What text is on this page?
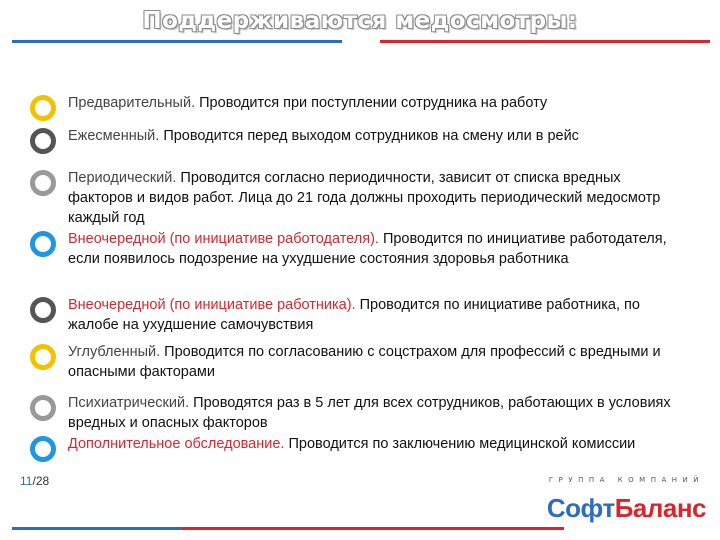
Поддерживаются медосмотры:
Предварительный. Проводится при поступлении сотрудника на работу
Ежесменный. Проводится перед выходом сотрудников на смену или в рейс
Периодический. Проводится согласно периодичности, зависит от списка вредных факторов и видов работ. Лица до 21 года должны проходить периодический медосмотр каждый год
Внеочередной (по инициативе работодателя). Проводится по инициативе работодателя, если появилось подозрение на ухудшение состояния здоровья работника
Внеочередной (по инициативе работника). Проводится по инициативе работника, по жалобе на ухудшение самочувствия
Углубленный. Проводится по согласованию с соцстрахом для профессий с вредными и опасными факторами
Психиатрический. Проводятся раз в 5 лет для всех сотрудников, работающих в условиях вредных и опасных факторов
Дополнительное обследование. Проводится по заключению медицинской комиссии
11/28	ГРУППА КОМПАНИЙ
СофтБаланс
